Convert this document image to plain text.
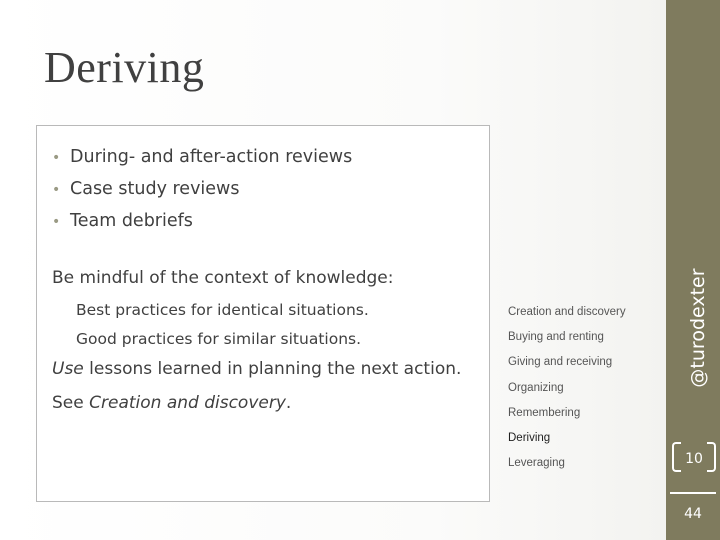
Deriving
• During- and after-action reviews
• Case study reviews
• Team debriefs
Be mindful of the context of knowledge:
Best practices for identical situations.
Good practices for similar situations.
Use lessons learned in planning the next action.
See Creation and discovery.
Creation and discovery
Buying and renting
Giving and receiving
Organizing
Remembering
Deriving
Leveraging
@turodexter
10
44
